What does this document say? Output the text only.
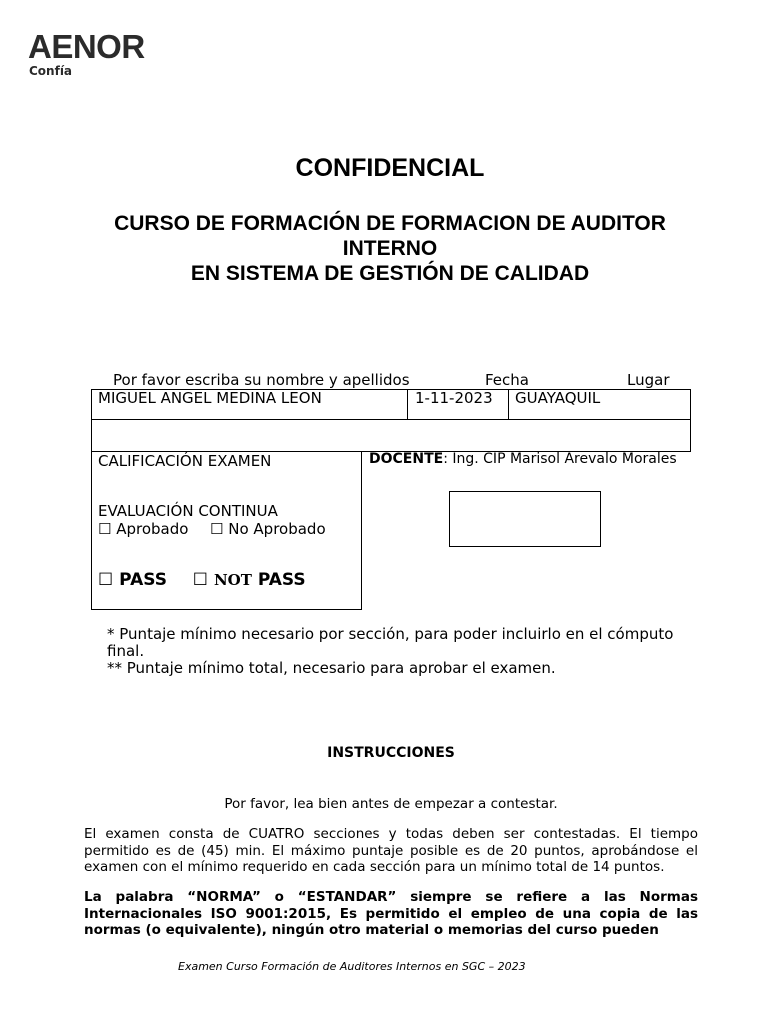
AENOR
Confía
CONFIDENCIAL
CURSO DE FORMACIÓN DE FORMACION DE AUDITOR
INTERNO
EN SISTEMA DE GESTIÓN DE CALIDAD
Por favor escriba su nombre y apellidos	Fecha	Lugar
MIGUEL ANGEL MEDINA LEON	1-11-2023 GUAYAQUIL
CALIFICACIÓN EXAMEN
EVALUACIÓN CONTINUA
☐ Aprobado ☐ No Aprobado
☐ PASS ☐ NOT PASS
DOCENTE: Ing. CIP Marisol Arevalo Morales
* Puntaje mínimo necesario por sección, para poder incluirlo en el cómputo final.
** Puntaje mínimo total, necesario para aprobar el examen.
INSTRUCCIONES
Por favor, lea bien antes de empezar a contestar.
El examen consta de CUATRO secciones y todas deben ser contestadas. El tiempo permitido es de (45) min. El máximo puntaje posible es de 20 puntos, aprobándose el examen con el mínimo requerido en cada sección para un mínimo total de 14 puntos.
La palabra “NORMA” o “ESTANDAR” siempre se refiere a las Normas Internacionales ISO 9001:2015, Es permitido el empleo de una copia de las normas (o equivalente), ningún otro material o memorias del curso pueden
Examen Curso Formación de Auditores Internos en SGC – 2023
